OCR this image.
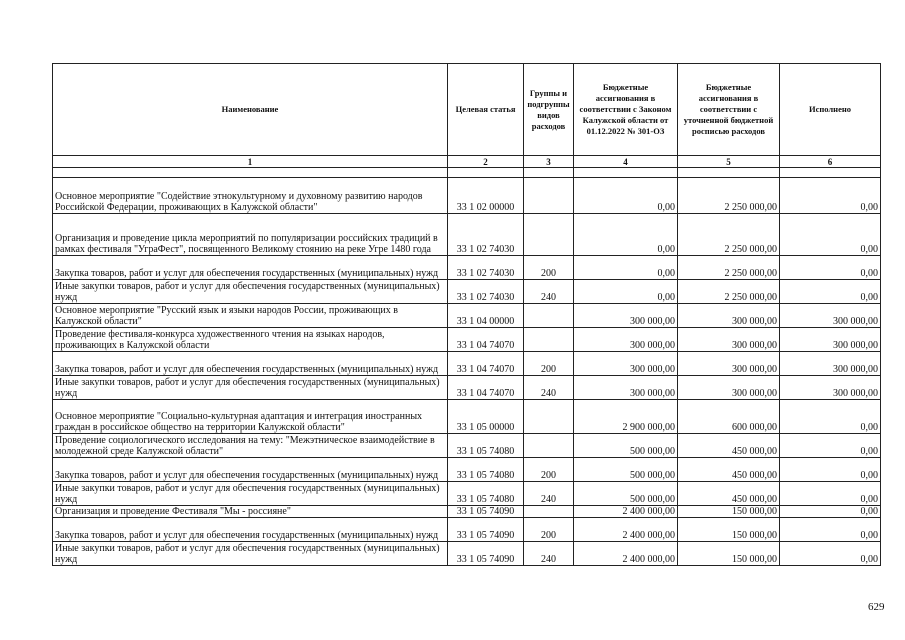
Наименование	Целевая статья	Группы и подгруппы видов расходов	Бюджетные ассигнования в соответствии с Законом Калужской области от 01.12.2022 № 301-ОЗ	Бюджетные ассигнования в соответствии с уточненной бюджетной росписью расходов	Исполнено
1	2	3	4	5	6

Основное мероприятие "Содействие этнокультурному и духовному развитию народов Российской Федерации, проживающих в Калужской области"	33 1 02 00000		0,00	2 250 000,00	0,00
Организация и проведение цикла мероприятий по популяризации российских традиций в рамках фестиваля "УграФест", посвященного Великому стоянию на реке Угре 1480 года	33 1 02 74030		0,00	2 250 000,00	0,00
Закупка товаров, работ и услуг для обеспечения государственных (муниципальных) нужд	33 1 02 74030	200	0,00	2 250 000,00	0,00
Иные закупки товаров, работ и услуг для обеспечения государственных (муниципальных) нужд	33 1 02 74030	240	0,00	2 250 000,00	0,00
Основное мероприятие "Русский язык и языки народов России, проживающих в Калужской области"	33 1 04 00000		300 000,00	300 000,00	300 000,00
Проведение фестиваля-конкурса художественного чтения на языках народов, проживающих в Калужской области	33 1 04 74070		300 000,00	300 000,00	300 000,00
Закупка товаров, работ и услуг для обеспечения государственных (муниципальных) нужд	33 1 04 74070	200	300 000,00	300 000,00	300 000,00
Иные закупки товаров, работ и услуг для обеспечения государственных (муниципальных) нужд	33 1 04 74070	240	300 000,00	300 000,00	300 000,00
Основное мероприятие "Социально-культурная адаптация и интеграция иностранных граждан в российское общество на территории Калужской области"	33 1 05 00000		2 900 000,00	600 000,00	0,00
Проведение социологического исследования на тему: "Межэтническое взаимодействие в молодежной среде Калужской области"	33 1 05 74080		500 000,00	450 000,00	0,00
Закупка товаров, работ и услуг для обеспечения государственных (муниципальных) нужд	33 1 05 74080	200	500 000,00	450 000,00	0,00
Иные закупки товаров, работ и услуг для обеспечения государственных (муниципальных) нужд	33 1 05 74080	240	500 000,00	450 000,00	0,00
Организация и проведение Фестиваля "Мы - россияне"	33 1 05 74090		2 400 000,00	150 000,00	0,00
Закупка товаров, работ и услуг для обеспечения государственных (муниципальных) нужд	33 1 05 74090	200	2 400 000,00	150 000,00	0,00
Иные закупки товаров, работ и услуг для обеспечения государственных (муниципальных) нужд	33 1 05 74090	240	2 400 000,00	150 000,00	0,00
629
